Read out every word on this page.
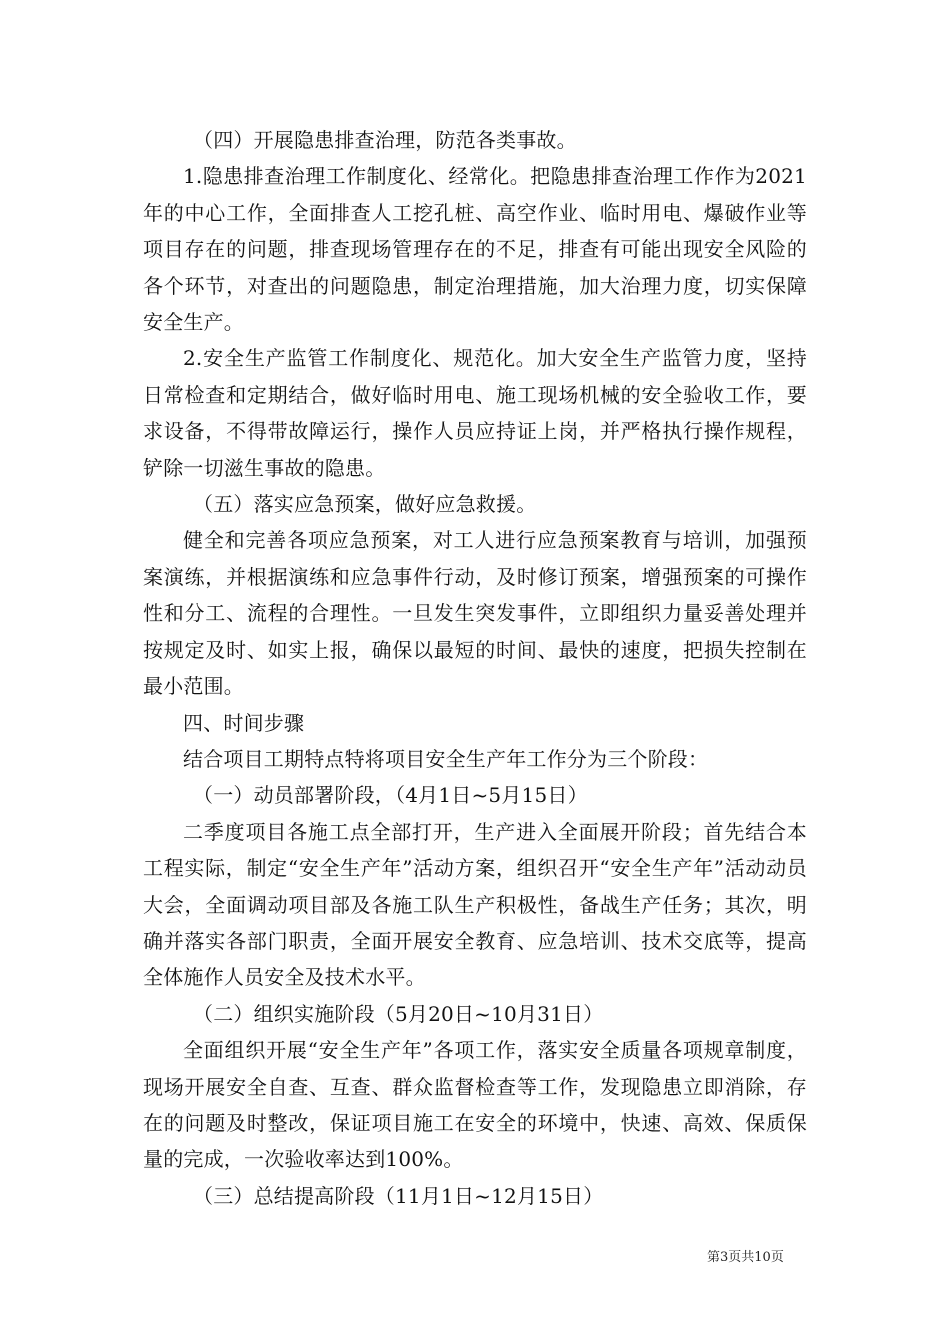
（四）开展隐患排查治理，防范各类事故。

1.隐患排查治理工作制度化、经常化。把隐患排查治理工作作为2021年的中心工作，全面排查人工挖孔桩、高空作业、临时用电、爆破作业等项目存在的问题，排查现场管理存在的不足，排查有可能出现安全风险的各个环节，对查出的问题隐患，制定治理措施，加大治理力度，切实保障安全生产。

2.安全生产监管工作制度化、规范化。加大安全生产监管力度，坚持日常检查和定期结合，做好临时用电、施工现场机械的安全验收工作，要求设备，不得带故障运行，操作人员应持证上岗，并严格执行操作规程，铲除一切滋生事故的隐患。

（五）落实应急预案，做好应急救援。

健全和完善各项应急预案，对工人进行应急预案教育与培训，加强预案演练，并根据演练和应急事件行动，及时修订预案，增强预案的可操作性和分工、流程的合理性。一旦发生突发事件，立即组织力量妥善处理并按规定及时、如实上报，确保以最短的时间、最快的速度，把损失控制在最小范围。

四、时间步骤

结合项目工期特点特将项目安全生产年工作分为三个阶段：

（一）动员部署阶段，（4月1日~5月15日）

二季度项目各施工点全部打开，生产进入全面展开阶段；首先结合本工程实际，制定“安全生产年”活动方案，组织召开“安全生产年”活动动员大会，全面调动项目部及各施工队生产积极性，备战生产任务；其次，明确并落实各部门职责，全面开展安全教育、应急培训、技术交底等，提高全体施作人员安全及技术水平。

（二）组织实施阶段（5月20日~10月31日）

全面组织开展“安全生产年”各项工作，落实安全质量各项规章制度，现场开展安全自查、互查、群众监督检查等工作，发现隐患立即消除，存在的问题及时整改，保证项目施工在安全的环境中，快速、高效、保质保量的完成，一次验收率达到100%。

（三）总结提高阶段（11月1日~12月15日）

第3页共10页
